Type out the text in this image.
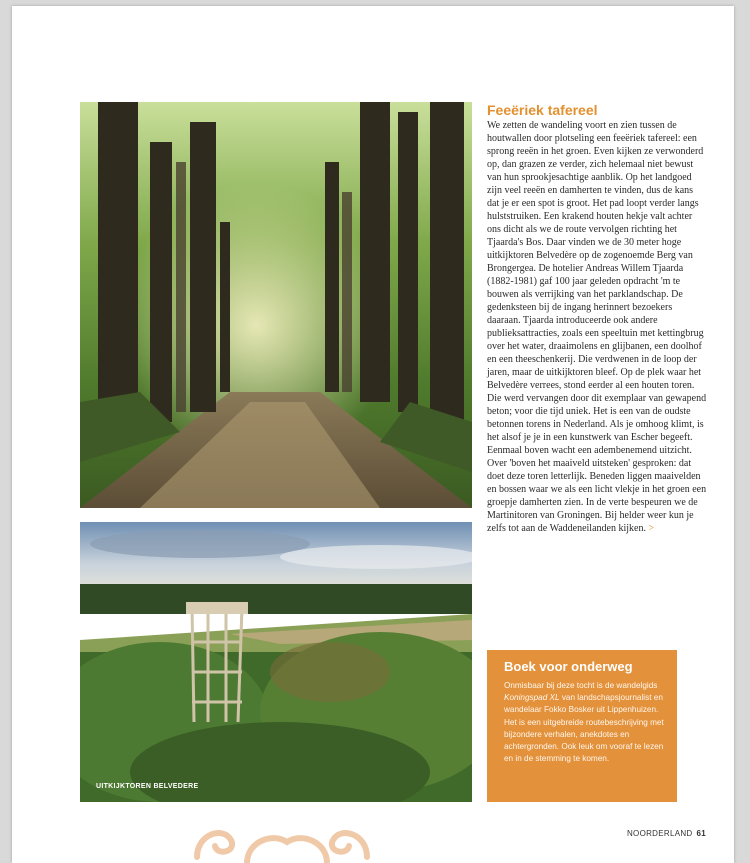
UITKIJKTOREN BELVEDERE
Feeëriek tafereel

We zetten de wandeling voort en zien tussen de houtwallen door plotseling een feeëriek tafereel: een sprong reeën in het groen. Even kijken ze verwonderd op, dan grazen ze verder, zich helemaal niet bewust van hun sprookjesachtige aanblik. Op het landgoed zijn veel reeën en damherten te vinden, dus de kans dat je er een spot is groot. Het pad loopt verder langs hulststruiken. Een krakend houten hekje valt achter ons dicht als we de route vervolgen richting het Tjaarda's Bos. Daar vinden we de 30 meter hoge uitkijktoren Belvedère op de zogenoemde Berg van Brongergea. De hotelier Andreas Willem Tjaarda (1882-1981) gaf 100 jaar geleden opdracht 'm te bouwen als verrijking van het parklandschap. De gedenksteen bij de ingang herinnert bezoekers daaraan. Tjaarda introduceerde ook andere publieksattracties, zoals een speeltuin met kettingbrug over het water, draaimolens en glijbanen, een doolhof en een theeschenkerij. Die verdwenen in de loop der jaren, maar de uitkijktoren bleef. Op de plek waar het Belvedère verrees, stond eerder al een houten toren. Die werd vervangen door dit exemplaar van gewapend beton; voor die tijd uniek. Het is een van de oudste betonnen torens in Nederland. Als je omhoog klimt, is het alsof je je in een kunstwerk van Escher begeeft. Eenmaal boven wacht een adembenemend uitzicht. Over 'boven het maaiveld uitsteken' gesproken: dat doet deze toren letterlijk. Beneden liggen maaivelden en bossen waar we als een licht vlekje in het groen een groepje damherten zien. In de verte bespeuren we de Martinitoren van Groningen. Bij helder weer kun je zelfs tot aan de Waddeneilanden kijken. >

Boek voor onderweg

Onmisbaar bij deze tocht is de wandelgids Koningspad XL van landschapsjournalist en wandelaar Fokko Bosker uit Lippenhuizen. Het is een uitgebreide routebeschrijving met bijzondere verhalen, anekdotes en achtergronden. Ook leuk om vooraf te lezen en in de stemming te komen.

NOORDERLAND 61
